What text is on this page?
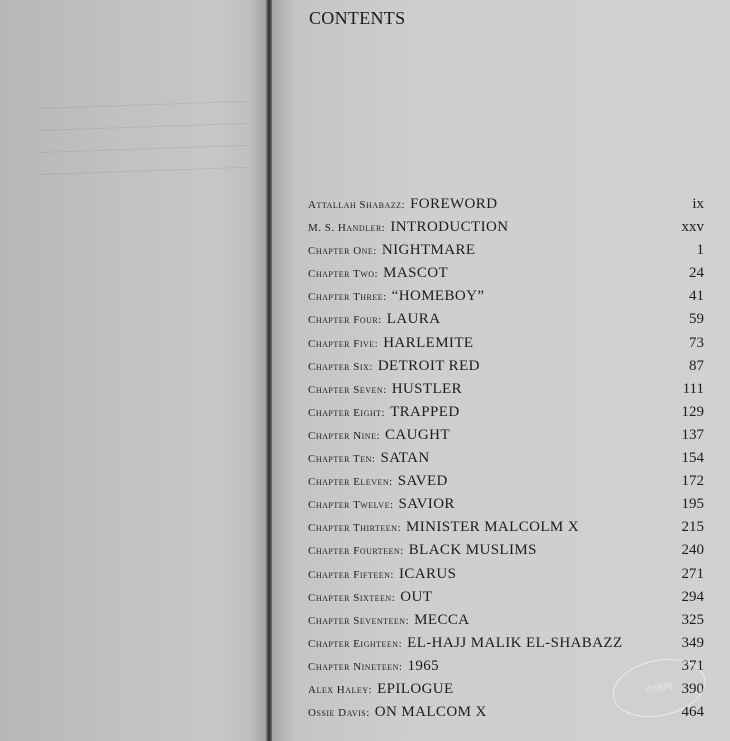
CONTENTS
Attallah Shabazz: FOREWORD	ix
M. S. Handler: INTRODUCTION	xxv
Chapter One: NIGHTMARE	1
Chapter Two: MASCOT	24
Chapter Three: “HOMEBOY”	41
Chapter Four: LAURA	59
Chapter Five: HARLEMITE	73
Chapter Six: DETROIT RED	87
Chapter Seven: HUSTLER	111
Chapter Eight: TRAPPED	129
Chapter Nine: CAUGHT	137
Chapter Ten: SATAN	154
Chapter Eleven: SAVED	172
Chapter Twelve: SAVIOR	195
Chapter Thirteen: MINISTER MALCOLM X	215
Chapter Fourteen: BLACK MUSLIMS	240
Chapter Fifteen: ICARUS	271
Chapter Sixteen: OUT	294
Chapter Seventeen: MECCA	325
Chapter Eighteen: EL-HAJJ MALIK EL-SHABAZZ	349
Chapter Nineteen: 1965	371
Alex Haley: EPILOGUE	390
Ossie Davis: ON MALCOM X	464
中图网
